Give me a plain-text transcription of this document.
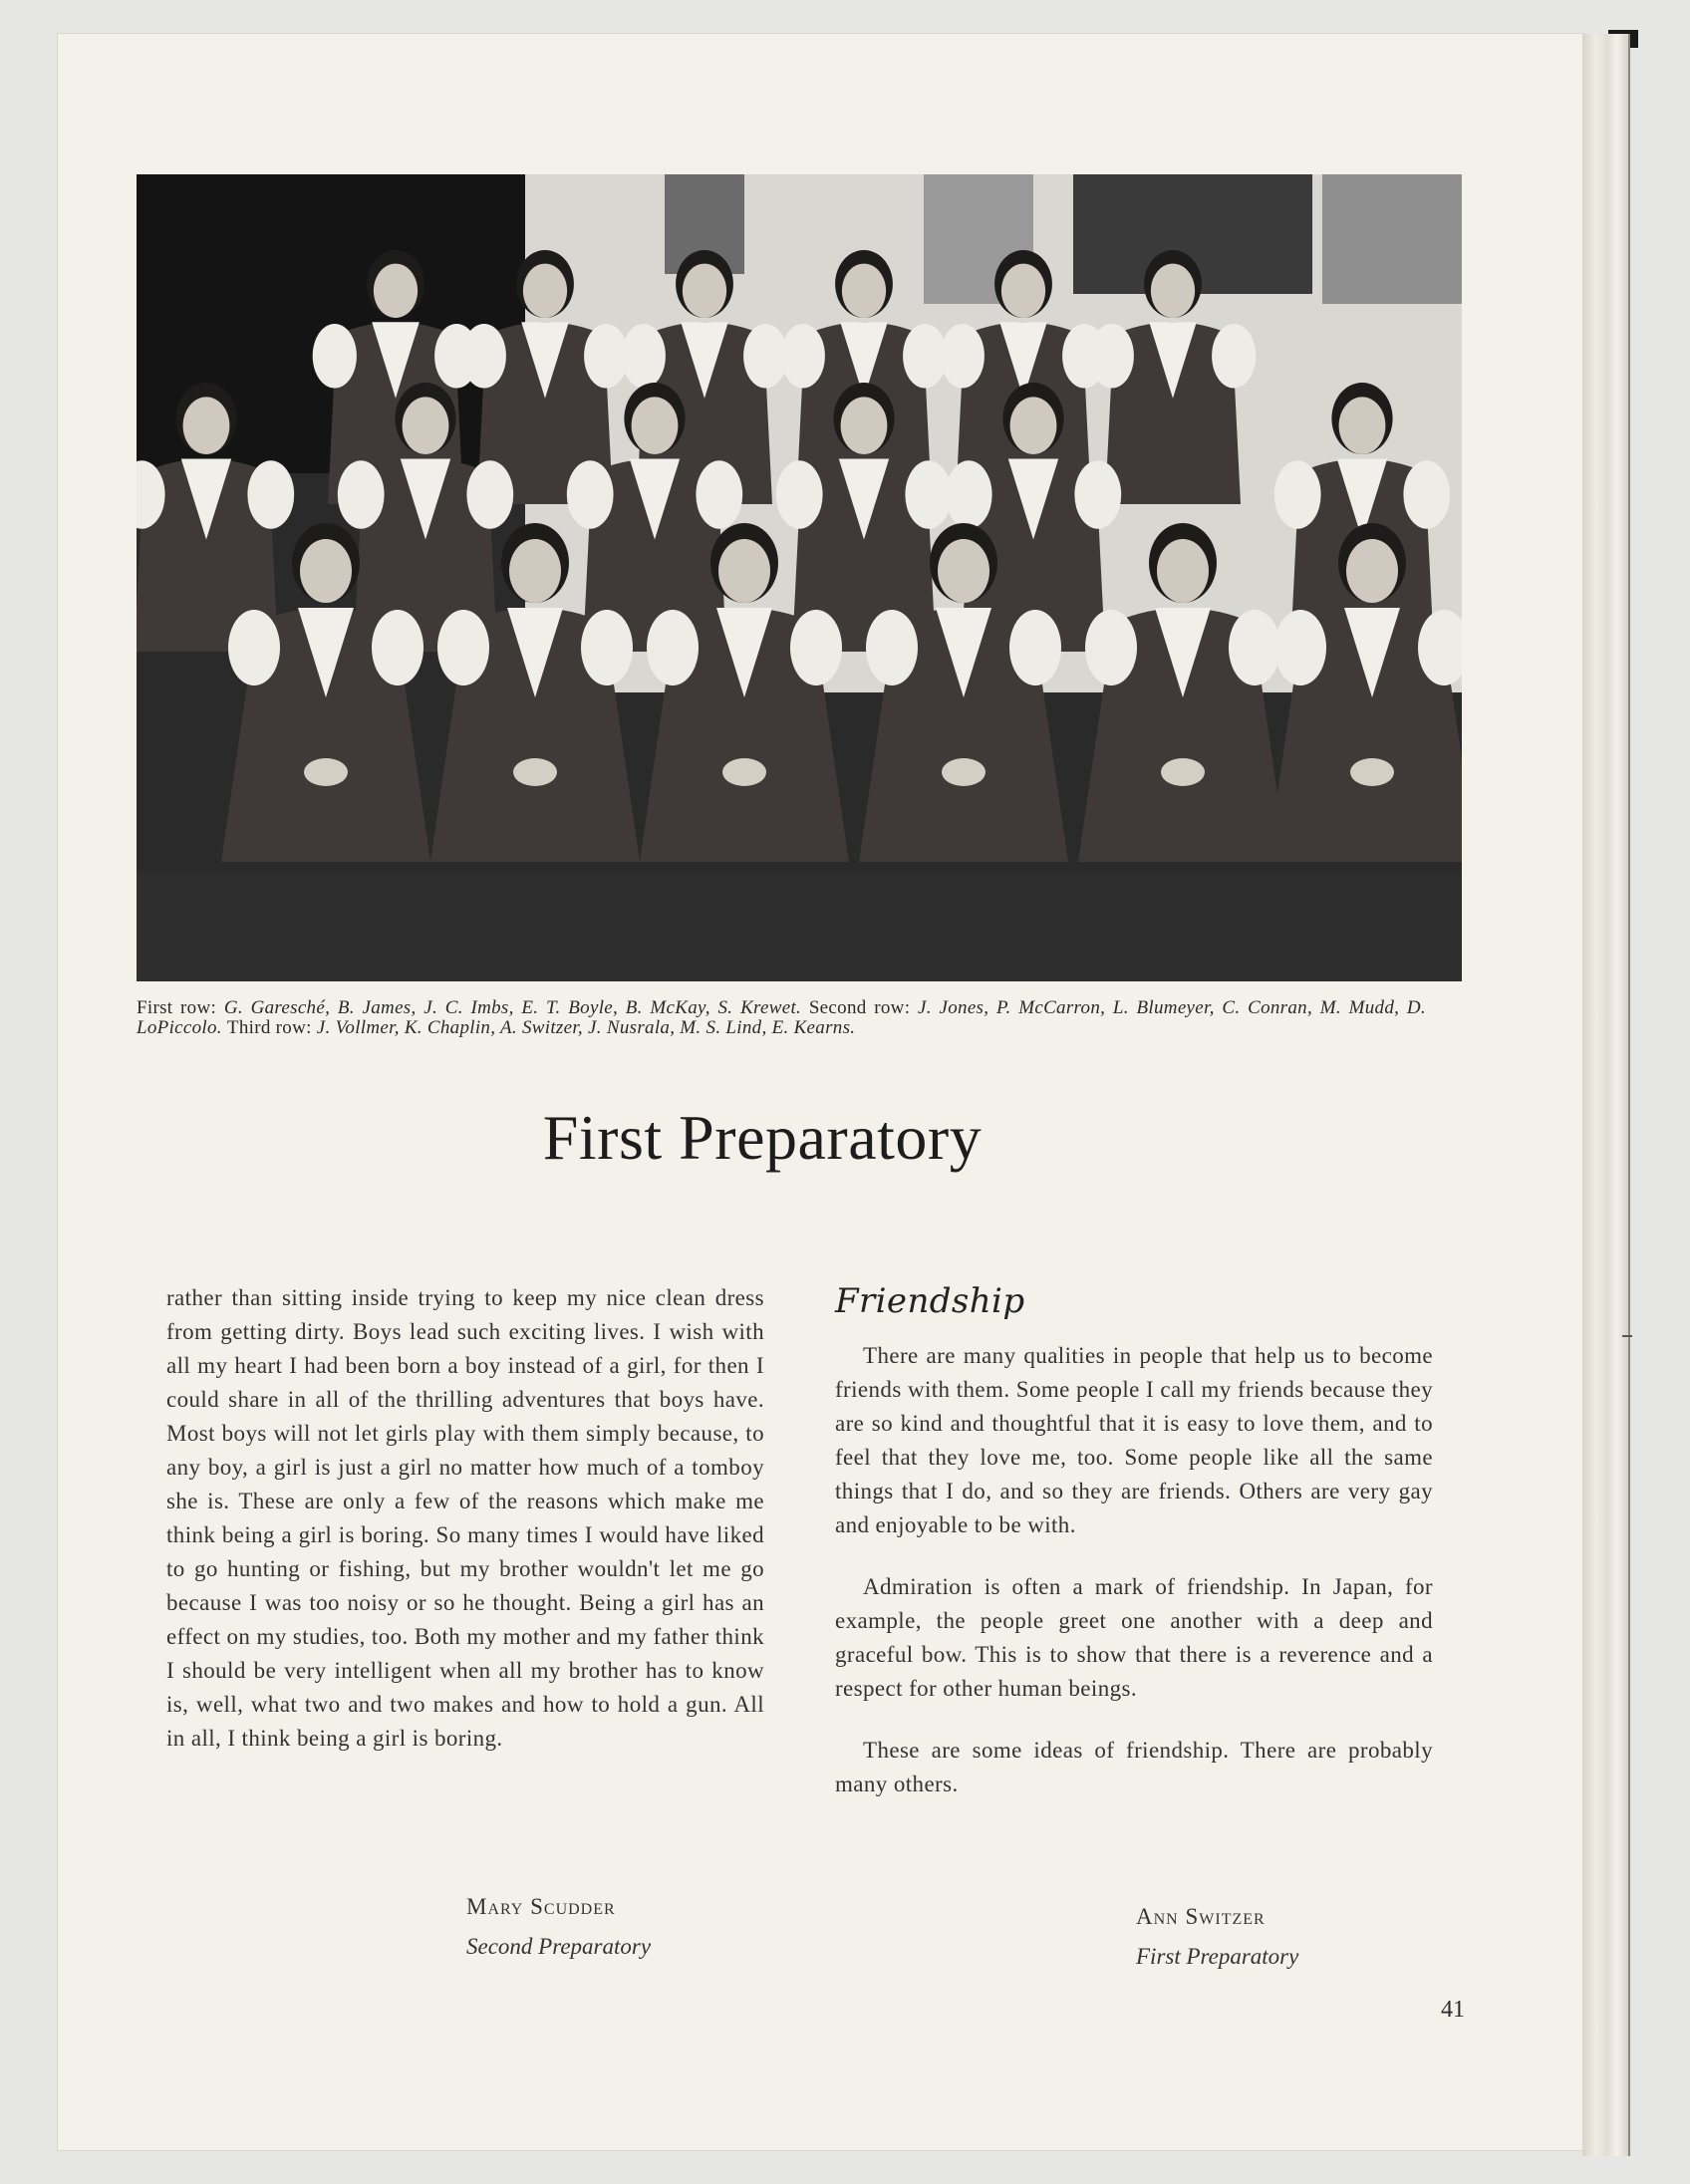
First row: G. Garesché, B. James, J. C. Imbs, E. T. Boyle, B. McKay, S. Krewet. Second row: J. Jones, P. McCarron, L. Blumeyer, C. Conran, M. Mudd, D. LoPiccolo. Third row: J. Vollmer, K. Chaplin, A. Switzer, J. Nusrala, M. S. Lind, E. Kearns.
First Preparatory

rather than sitting inside trying to keep my nice clean dress from getting dirty. Boys lead such exciting lives. I wish with all my heart I had been born a boy instead of a girl, for then I could share in all of the thrilling adventures that boys have. Most boys will not let girls play with them simply because, to any boy, a girl is just a girl no matter how much of a tomboy she is. These are only a few of the reasons which make me think being a girl is boring. So many times I would have liked to go hunting or fishing, but my brother wouldn't let me go because I was too noisy or so he thought. Being a girl has an effect on my studies, too. Both my mother and my father think I should be very intelligent when all my brother has to know is, well, what two and two makes and how to hold a gun. All in all, I think being a girl is boring.

Friendship

There are many qualities in people that help us to become friends with them. Some people I call my friends because they are so kind and thoughtful that it is easy to love them, and to feel that they love me, too. Some people like all the same things that I do, and so they are friends. Others are very gay and enjoyable to be with.

Admiration is often a mark of friendship. In Japan, for example, the people greet one another with a deep and graceful bow. This is to show that there is a reverence and a respect for other human beings.

These are some ideas of friendship. There are probably many others.

Mary Scudder
Second Preparatory
Ann Switzer
First Preparatory
41
